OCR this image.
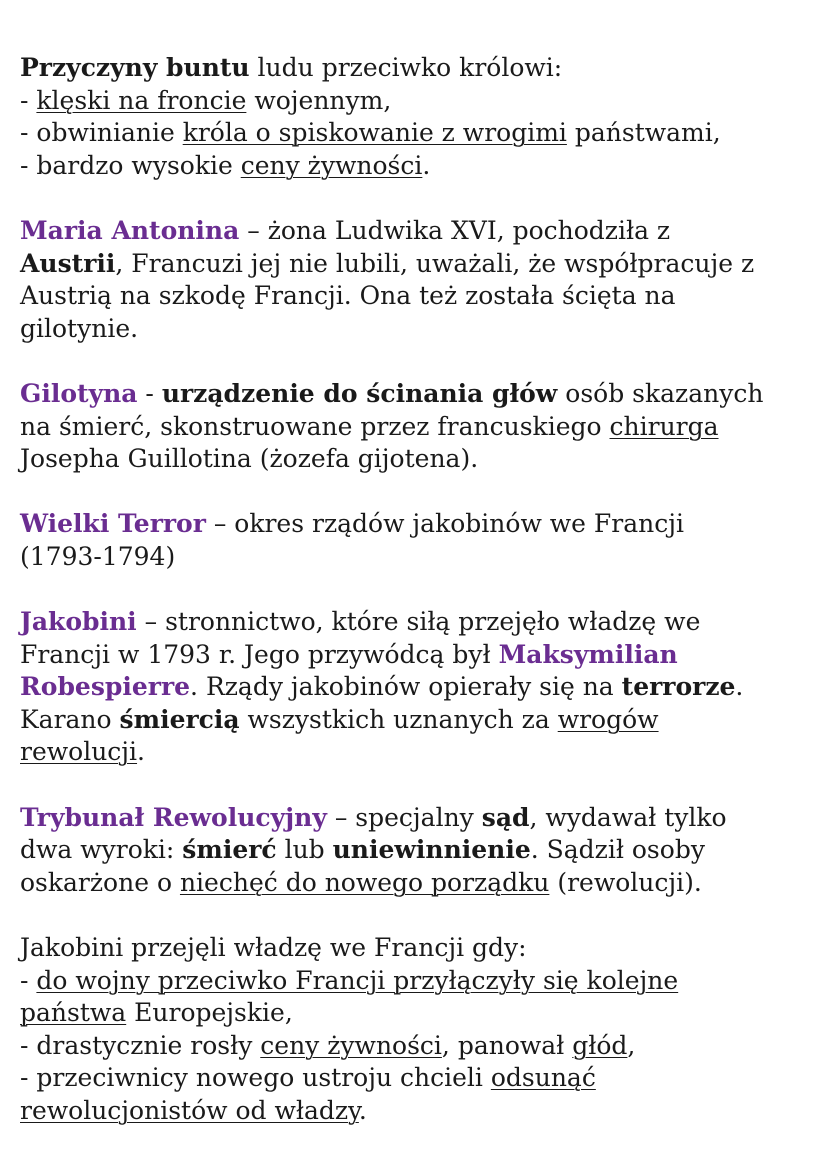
Przyczyny buntu ludu przeciwko królowi:
- klęski na froncie wojennym,
- obwinianie króla o spiskowanie z wrogimi państwami,
- bardzo wysokie ceny żywności.
Maria Antonina – żona Ludwika XVI, pochodziła z
Austrii, Francuzi jej nie lubili, uważali, że współpracuje z
Austrią na szkodę Francji. Ona też została ścięta na
gilotynie.
Gilotyna - urządzenie do ścinania głów osób skazanych
na śmierć, skonstruowane przez francuskiego chirurga
Josepha Guillotina (żozefa gijotena).
Wielki Terror – okres rządów jakobinów we Francji
(1793-1794)
Jakobini – stronnictwo, które siłą przejęło władzę we
Francji w 1793 r. Jego przywódcą był Maksymilian
Robespierre. Rządy jakobinów opierały się na terrorze.
Karano śmiercią wszystkich uznanych za wrogów
rewolucji.
Trybunał Rewolucyjny – specjalny sąd, wydawał tylko
dwa wyroki: śmierć lub uniewinnienie. Sądził osoby
oskarżone o niechęć do nowego porządku (rewolucji).
Jakobini przejęli władzę we Francji gdy:
- do wojny przeciwko Francji przyłączyły się kolejne
państwa Europejskie,
- drastycznie rosły ceny żywności, panował głód,
- przeciwnicy nowego ustroju chcieli odsunąć
rewolucjonistów od władzy.
